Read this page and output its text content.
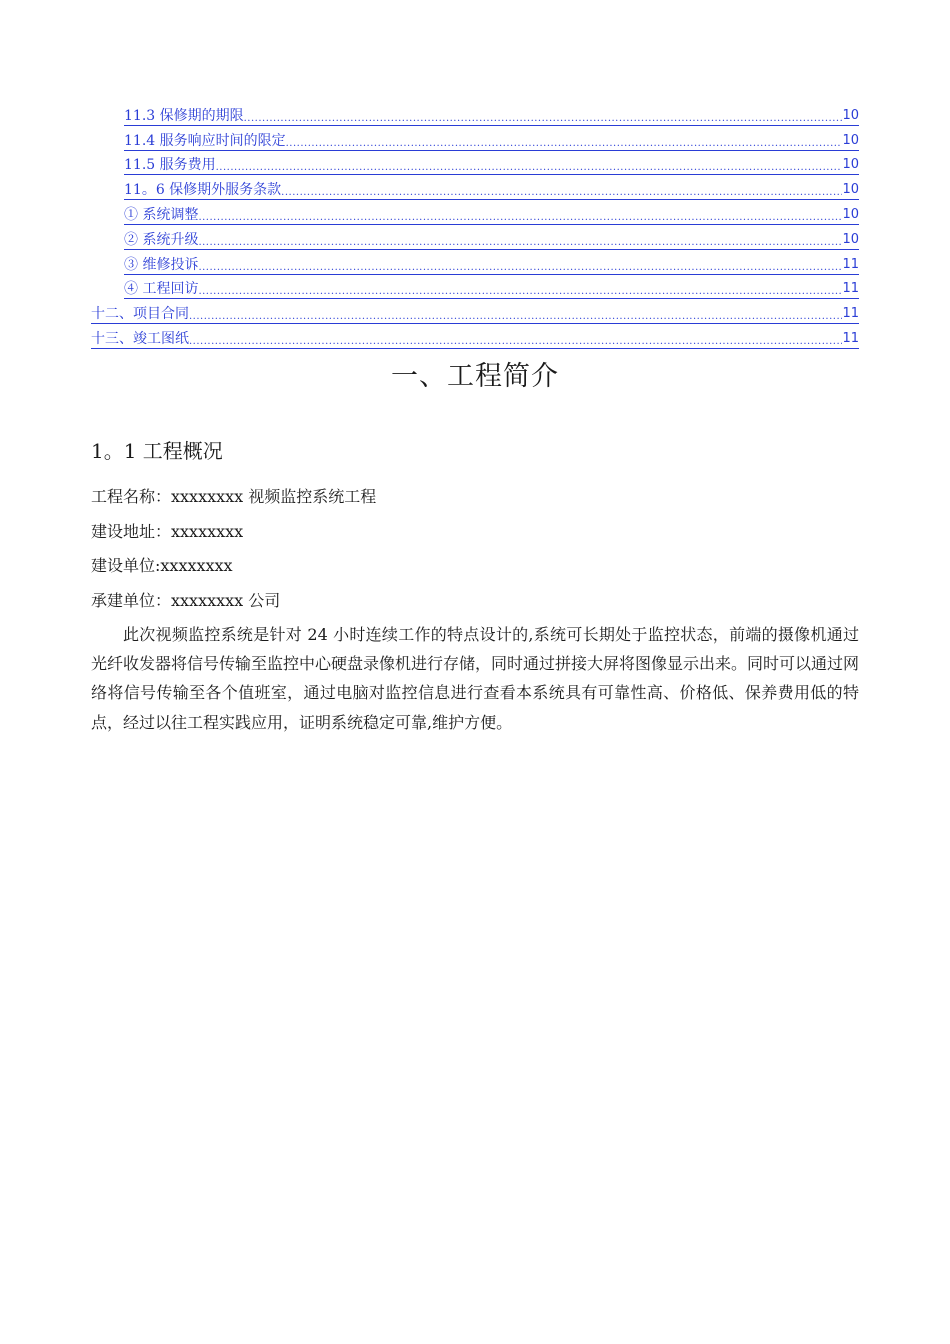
11.3 保修期的期限 .....	10
11.4 服务响应时间的限定 .....	10
11.5 服务费用 .....	10
11。6 保修期外服务条款 .....	10
① 系统调整 .....	10
② 系统升级 .....	10
③ 维修投诉 .....	11
④ 工程回访 .....	11
十二、项目合同 .....	11
十三、竣工图纸 .....	11
一、工程简介
1。1 工程概况
工程名称：xxxxxxxx 视频监控系统工程
建设地址：xxxxxxxx
建设单位:xxxxxxxx
承建单位：xxxxxxxx 公司

此次视频监控系统是针对 24 小时连续工作的特点设计的,系统可长期处于监控状态，前端的摄像机通过光纤收发器将信号传输至监控中心硬盘录像机进行存储，同时通过拼接大屏将图像显示出来。同时可以通过网络将信号传输至各个值班室，通过电脑对监控信息进行查看本系统具有可靠性高、价格低、保养费用低的特点，经过以往工程实践应用，证明系统稳定可靠,维护方便。
